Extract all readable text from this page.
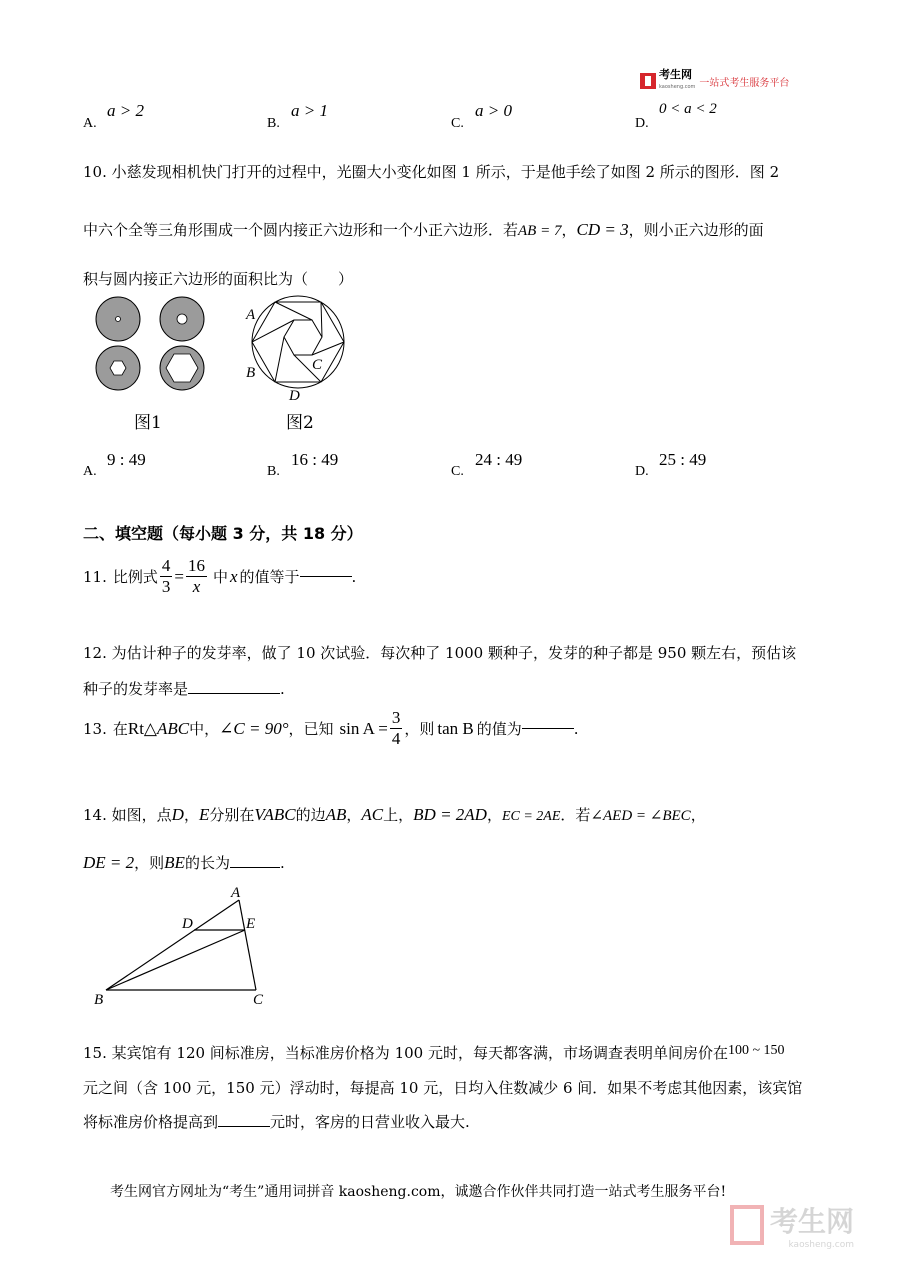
考生网
kaosheng.com 一站式考生服务平台
A.
a > 2
B.
a > 1
C.
a > 0
D.
0 < a < 2
10. 小慈发现相机快门打开的过程中，光圈大小变化如图 1 所示，于是他手绘了如图 2 所示的图形．图 2
中六个全等三角形围成一个圆内接正六边形和一个小正六边形．若AB = 7，CD = 3，则小正六边形的面
积与圆内接正六边形的面积比为（　　）
图1
A
B	C
D
图2
A.
9 : 49
B.
16 : 49
C.
24 : 49
D.
25 : 49
二、填空题（每小题 3 分，共 18 分）
11. 比例式 $\frac{4}{3} = \frac{16}{x}$ 中 x 的值等于	.
12. 为估计种子的发芽率，做了 10 次试验．每次种了 1000 颗种子，发芽的种子都是 950 颗左右，预估该
种子的发芽率是	.
13. 在 Rt△ ABC 中， ∠C = 90° ，已知 $\sin A = \frac{3}{4}$ ，则 tan B 的值为	.
14. 如图，点D，E分别在VABC的边AB，AC上，BD = 2AD，EC = 2AE．若∠AED = ∠BEC，
DE = 2，则BE的长为	.
A
D	E
B	C
15. 某宾馆有 120 间标准房，当标准房价格为 100 元时，每天都客满，市场调查表明单间房价在100 ~ 150
元之间（含 100 元，150 元）浮动时，每提高 10 元，日均入住数减少 6 间．如果不考虑其他因素，该宾馆
将标准房价格提高到	元时，客房的日营业收入最大.
考生网官方网址为“考生”通用词拼音 kaosheng.com，诚邀合作伙伴共同打造一站式考生服务平台!
考生网
kaosheng.com
